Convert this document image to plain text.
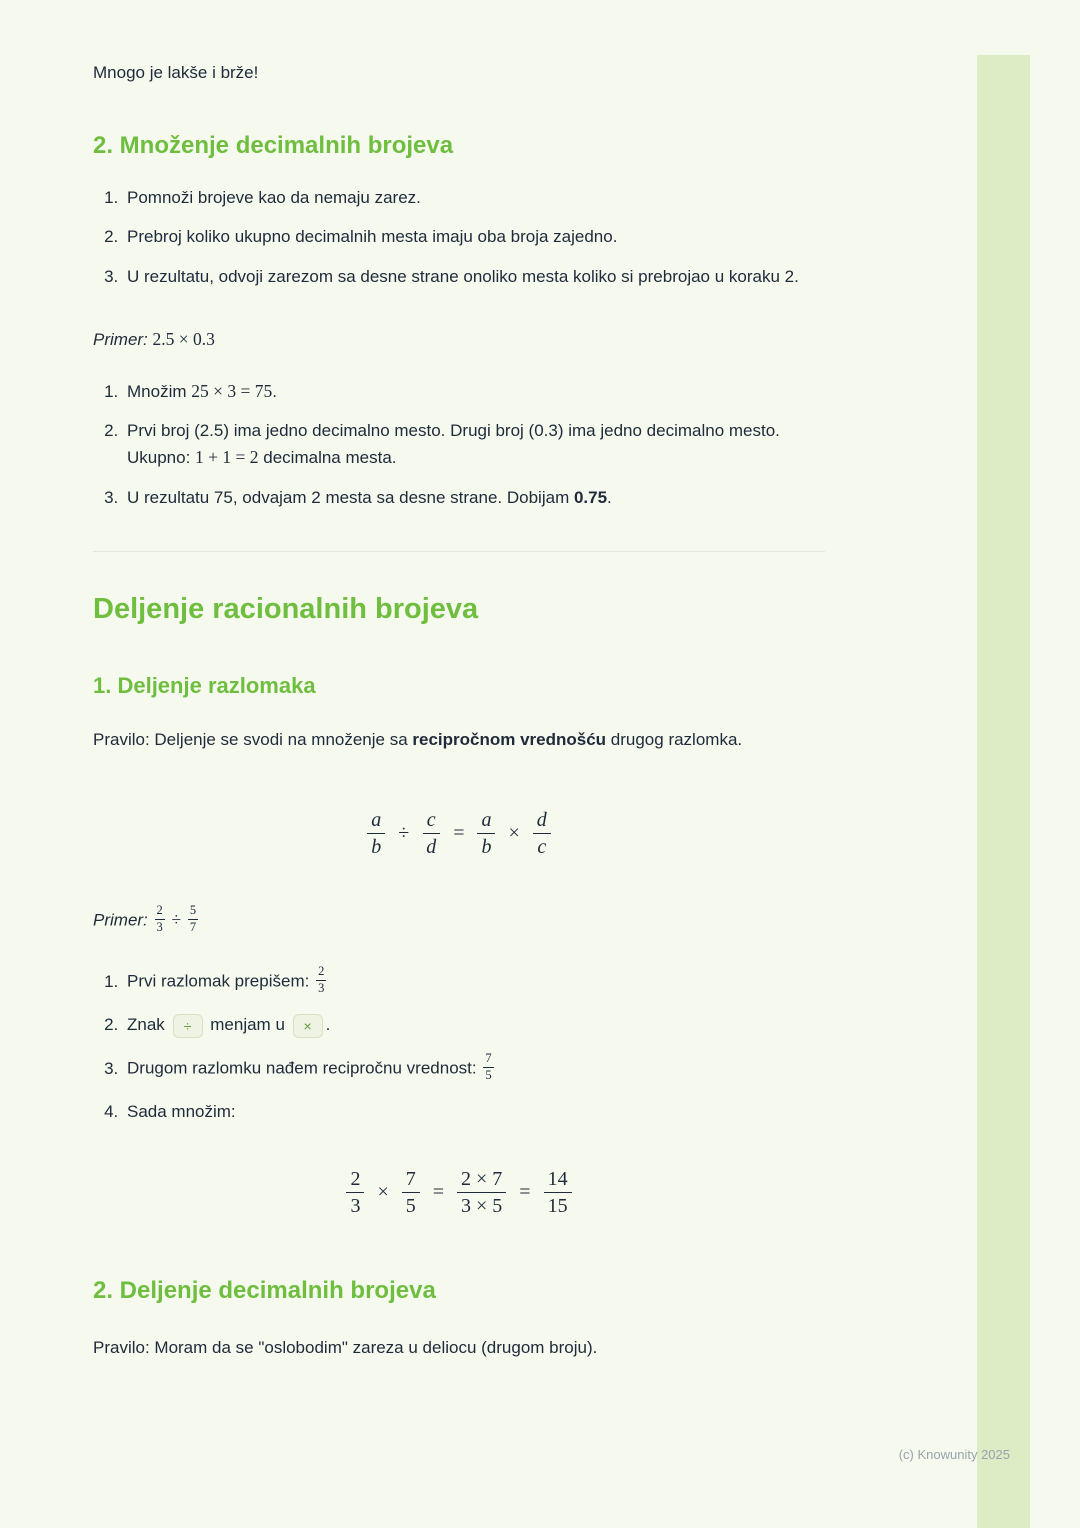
Mnogo je lakše i brže!

2. Množenje decimalnih brojeva
1. Pomnoži brojeve kao da nemaju zarez.
2. Prebroj koliko ukupno decimalnih mesta imaju oba broja zajedno.
3. U rezultatu, odvoji zarezom sa desne strane onoliko mesta koliko si prebrojao u koraku 2.

Primer: 2.5 × 0.3

1. Množim 25 × 3 = 75.
2. Prvi broj (2.5) ima jedno decimalno mesto. Drugi broj (0.3) ima jedno decimalno mesto. Ukupno: 1 + 1 = 2 decimalna mesta.
3. U rezultatu 75, odvajam 2 mesta sa desne strane. Dobijam 0.75.
Deljenje racionalnih brojeva
1. Deljenje razlomaka

Pravilo: Deljenje se svodi na množenje sa recipročnom vrednošću drugog razlomka.

$\frac{a}{b} \div \frac{c}{d} = \frac{a}{b} \times \frac{d}{c}$

Primer: $\frac{2}{3} \div \frac{5}{7}$

1. Prvi razlomak prepišem: $\frac{2}{3}$
2. Znak ÷ menjam u × .
3. Drugom razlomku nađem recipročnu vrednost: $\frac{7}{5}$
4. Sada množim:
$\frac{2}{3} \times \frac{7}{5} = \frac{2 \times 7}{3 \times 5} = \frac{14}{15}$
2. Deljenje decimalnih brojeva

Pravilo: Moram da se "oslobodim" zareza u deliocu (drugom broju).

(c) Knowunity 2025
